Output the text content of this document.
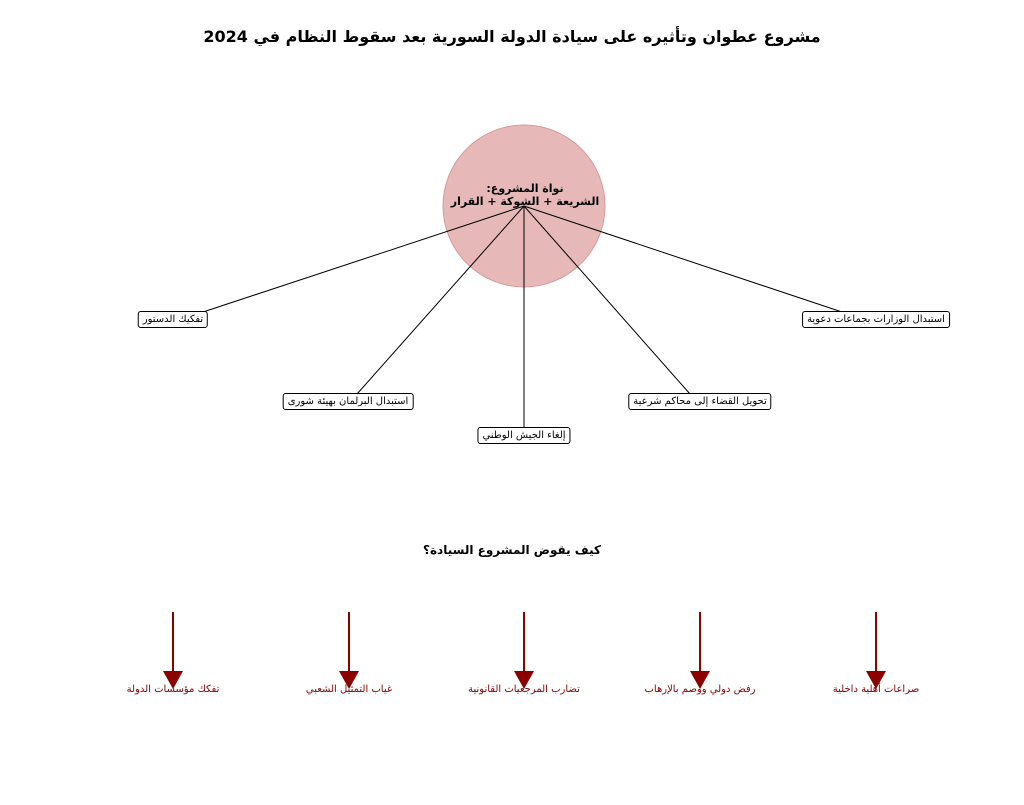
مشروع عطوان وتأثيره على سيادة الدولة السورية بعد سقوط النظام في 2024
نواة المشروع:
الشريعة + الشوكة + القرار
تفكيك الدستور
استبدال البرلمان بهيئة شورى
إلغاء الجيش الوطني
تحويل القضاء إلى محاكم شرعية
استبدال الوزارات بجماعات دعوية
كيف يقوض المشروع السيادة؟
تفكك مؤسسات الدولة	غياب التمثيل الشعبي	تضارب المرجعيات القانونية	رفض دولي ووصم بالإرهاب	صراعات أهلية داخلية
